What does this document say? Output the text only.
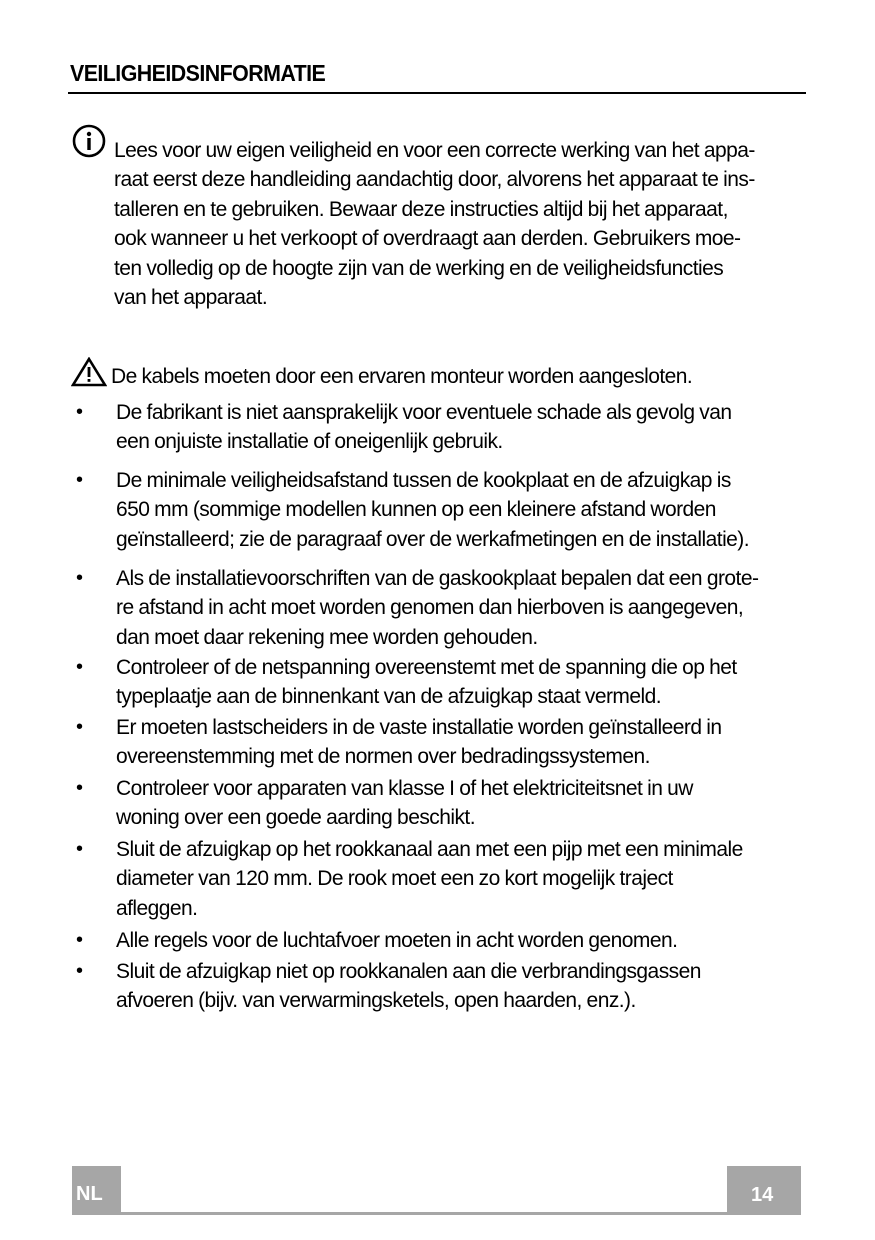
VEILIGHEIDSINFORMATIE
Lees voor uw eigen veiligheid en voor een correcte werking van het appa-
raat eerst deze handleiding aandachtig door, alvorens het apparaat te ins-
talleren en te gebruiken. Bewaar deze instructies altijd bij het apparaat,
ook wanneer u het verkoopt of overdraagt aan derden. Gebruikers moe-
ten volledig op de hoogte zijn van de werking en de veiligheidsfuncties
van het apparaat.
De kabels moeten door een ervaren monteur worden aangesloten.
• De fabrikant is niet aansprakelijk voor eventuele schade als gevolg van
een onjuiste installatie of oneigenlijk gebruik.
• De minimale veiligheidsafstand tussen de kookplaat en de afzuigkap is
650 mm (sommige modellen kunnen op een kleinere afstand worden
geïnstalleerd; zie de paragraaf over de werkafmetingen en de installatie).
• Als de installatievoorschriften van de gaskookplaat bepalen dat een grote-
re afstand in acht moet worden genomen dan hierboven is aangegeven,
dan moet daar rekening mee worden gehouden.
• Controleer of de netspanning overeenstemt met de spanning die op het
typeplaatje aan de binnenkant van de afzuigkap staat vermeld.
• Er moeten lastscheiders in de vaste installatie worden geïnstalleerd in
overeenstemming met de normen over bedradingssystemen.
• Controleer voor apparaten van klasse I of het elektriciteitsnet in uw
woning over een goede aarding beschikt.
• Sluit de afzuigkap op het rookkanaal aan met een pijp met een minimale
diameter van 120 mm. De rook moet een zo kort mogelijk traject
afleggen.
• Alle regels voor de luchtafvoer moeten in acht worden genomen.
• Sluit de afzuigkap niet op rookkanalen aan die verbrandingsgassen
afvoeren (bijv. van verwarmingsketels, open haarden, enz.).
NL	14
